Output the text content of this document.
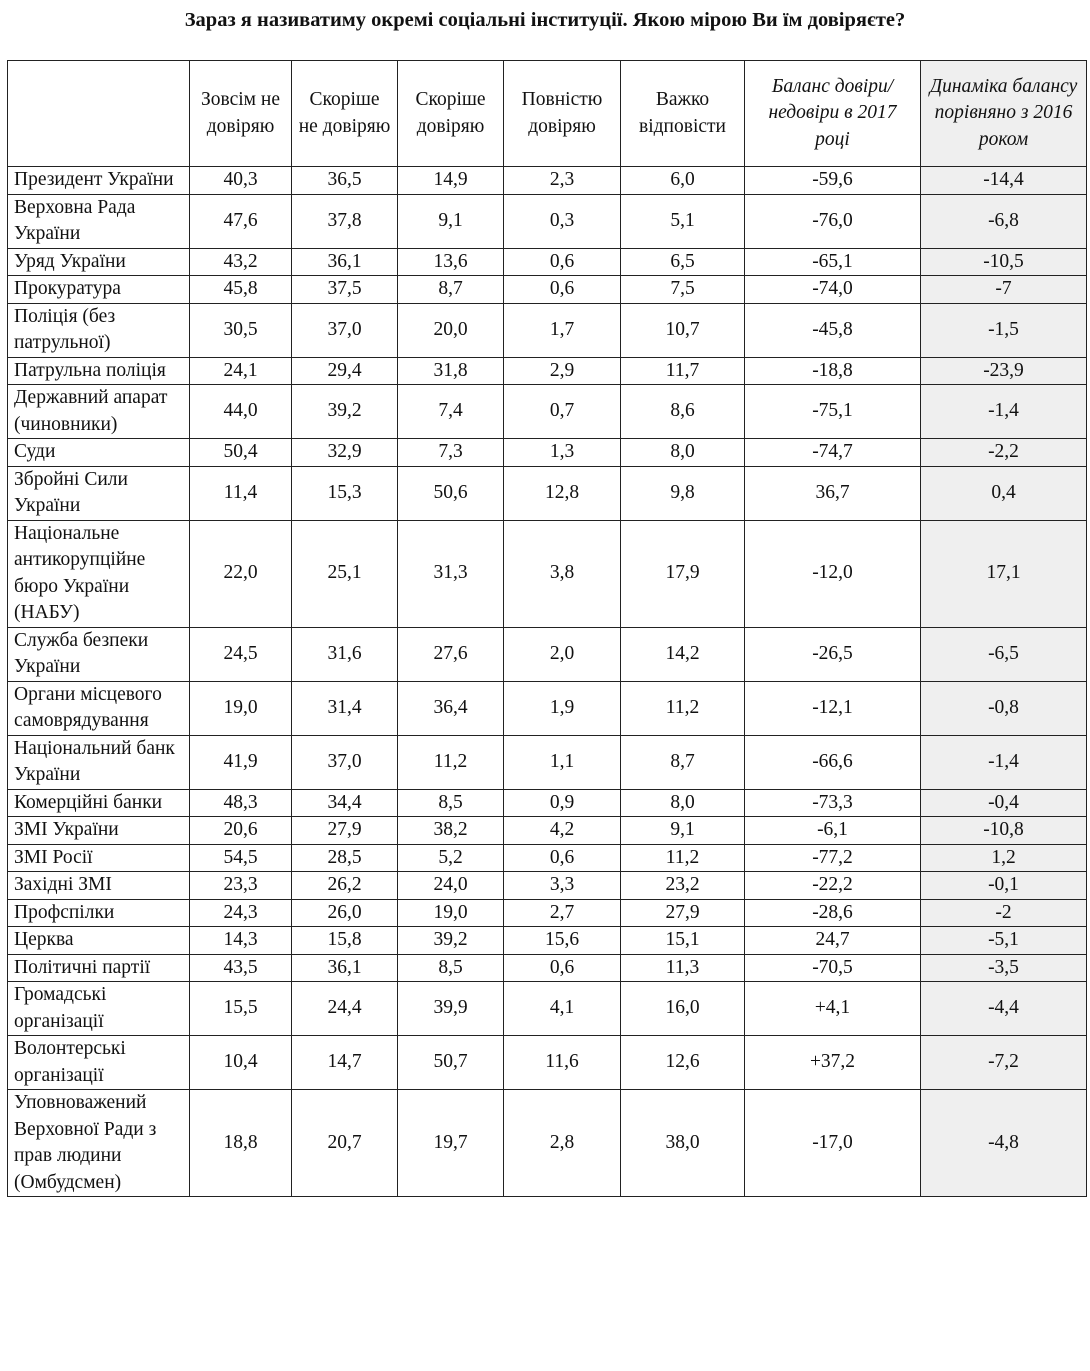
Зараз я називатиму окремі соціальні інституції. Якою мірою Ви їм довіряєте?
	Зовсім не довіряю	Скоріше не довіряю	Скоріше довіряю	Повністю довіряю	Важко відповісти	Баланс довіри/недовіри в 2017 році	Динаміка балансу порівняно з 2016 роком
Президент України	40,3	36,5	14,9	2,3	6,0	-59,6	-14,4
Верховна Рада України	47,6	37,8	9,1	0,3	5,1	-76,0	-6,8
Уряд України	43,2	36,1	13,6	0,6	6,5	-65,1	-10,5
Прокуратура	45,8	37,5	8,7	0,6	7,5	-74,0	-7
Поліція (без патрульної)	30,5	37,0	20,0	1,7	10,7	-45,8	-1,5
Патрульна поліція	24,1	29,4	31,8	2,9	11,7	-18,8	-23,9
Державний апарат (чиновники)	44,0	39,2	7,4	0,7	8,6	-75,1	-1,4
Суди	50,4	32,9	7,3	1,3	8,0	-74,7	-2,2
Збройні Сили України	11,4	15,3	50,6	12,8	9,8	36,7	0,4
Національне антикорупційне бюро України (НАБУ)	22,0	25,1	31,3	3,8	17,9	-12,0	17,1
Служба безпеки України	24,5	31,6	27,6	2,0	14,2	-26,5	-6,5
Органи місцевого самоврядування	19,0	31,4	36,4	1,9	11,2	-12,1	-0,8
Національний банк України	41,9	37,0	11,2	1,1	8,7	-66,6	-1,4
Комерційні банки	48,3	34,4	8,5	0,9	8,0	-73,3	-0,4
ЗМІ України	20,6	27,9	38,2	4,2	9,1	-6,1	-10,8
ЗМІ Росії	54,5	28,5	5,2	0,6	11,2	-77,2	1,2
Західні ЗМІ	23,3	26,2	24,0	3,3	23,2	-22,2	-0,1
Профспілки	24,3	26,0	19,0	2,7	27,9	-28,6	-2
Церква	14,3	15,8	39,2	15,6	15,1	24,7	-5,1
Політичні партії	43,5	36,1	8,5	0,6	11,3	-70,5	-3,5
Громадські організації	15,5	24,4	39,9	4,1	16,0	+4,1	-4,4
Волонтерські організації	10,4	14,7	50,7	11,6	12,6	+37,2	-7,2
Уповноважений Верховної Ради з прав людини (Омбудсмен)	18,8	20,7	19,7	2,8	38,0	-17,0	-4,8
